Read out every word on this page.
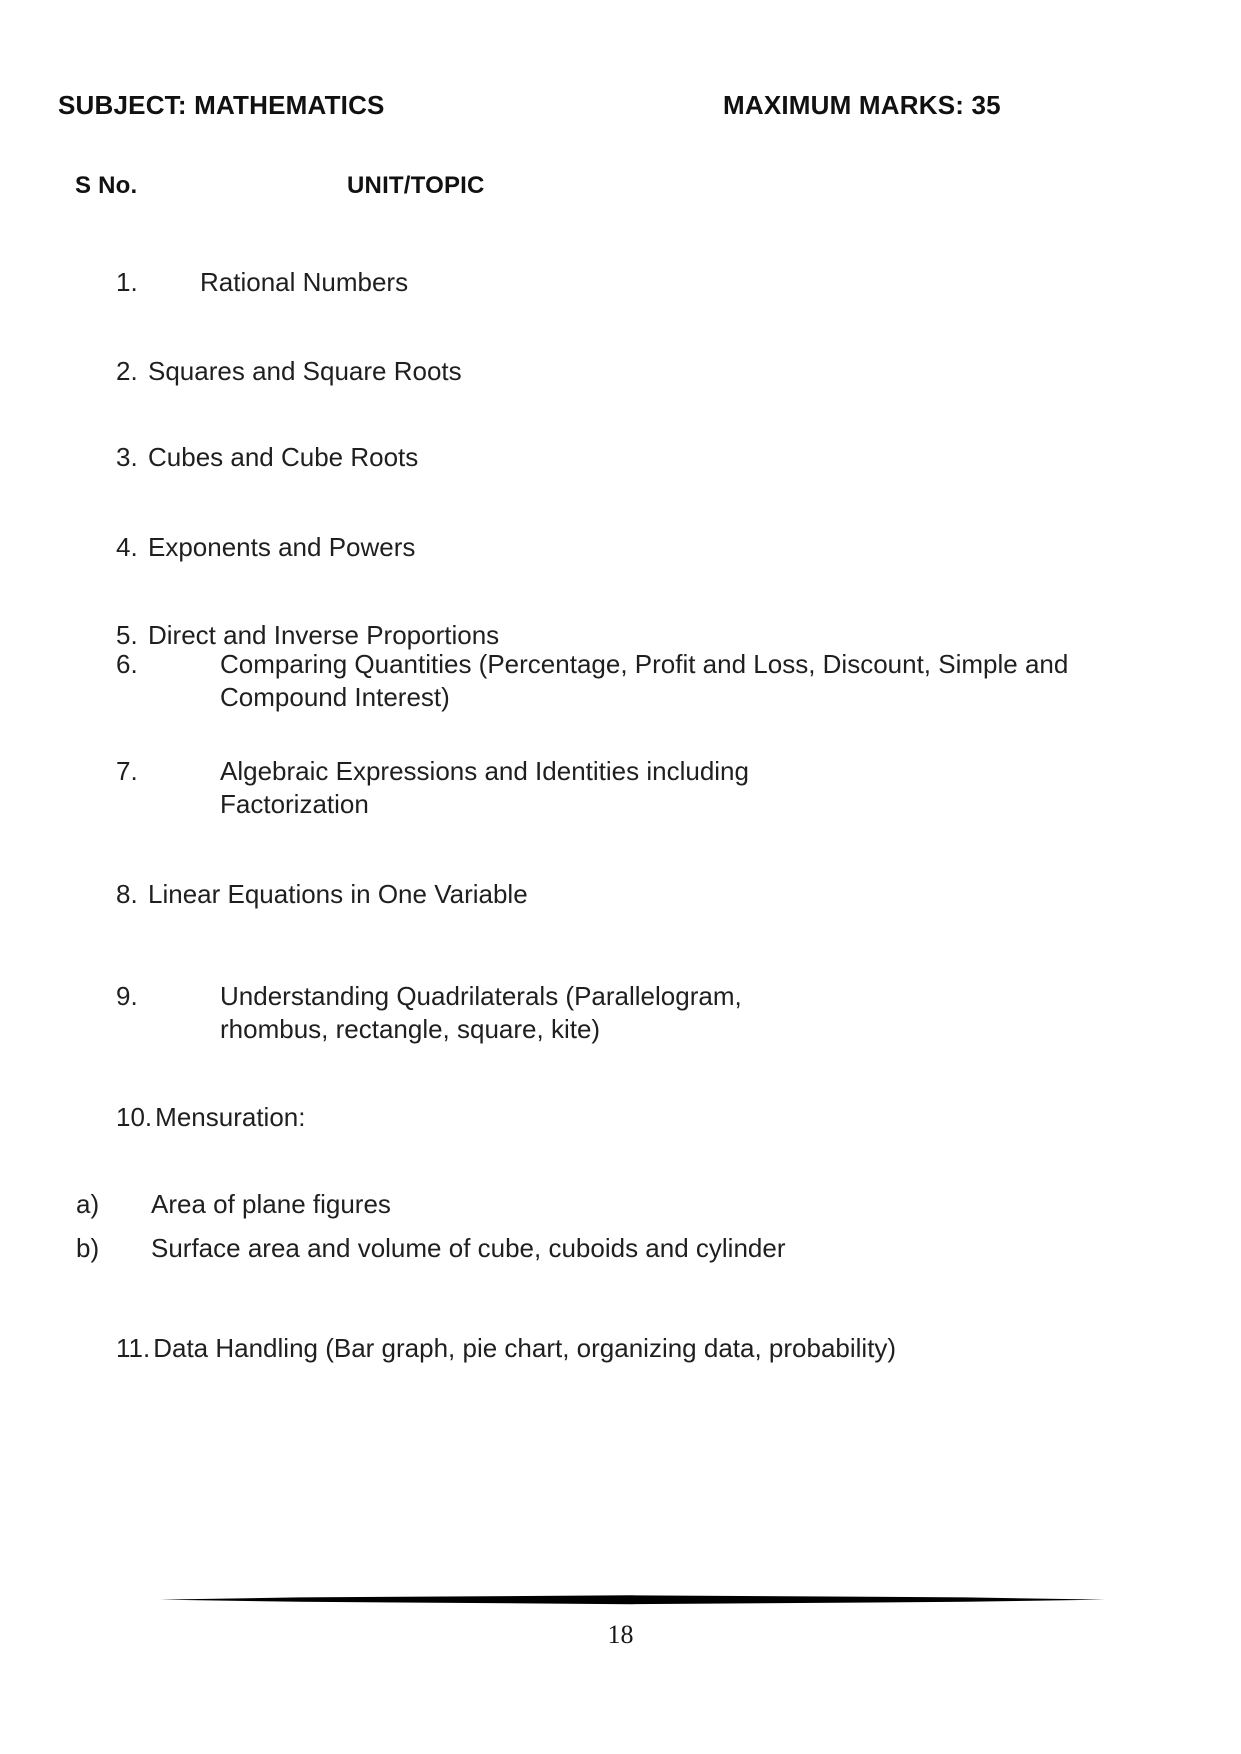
SUBJECT: MATHEMATICS	MAXIMUM MARKS: 35
S No.	UNIT/TOPIC
1. Rational Numbers
2. Squares and Square Roots
3. Cubes and Cube Roots
4. Exponents and Powers
5. Direct and Inverse Proportions
6.	Comparing Quantities (Percentage, Profit and Loss, Discount, Simple and Compound Interest)
7.	Algebraic Expressions and Identities including Factorization
8. Linear Equations in One Variable
9.	Understanding Quadrilaterals (Parallelogram, rhombus, rectangle, square, kite)
10. Mensuration:
a) Area of plane figures
b) Surface area and volume of cube, cuboids and cylinder
11. Data Handling (Bar graph, pie chart, organizing data, probability)
18
